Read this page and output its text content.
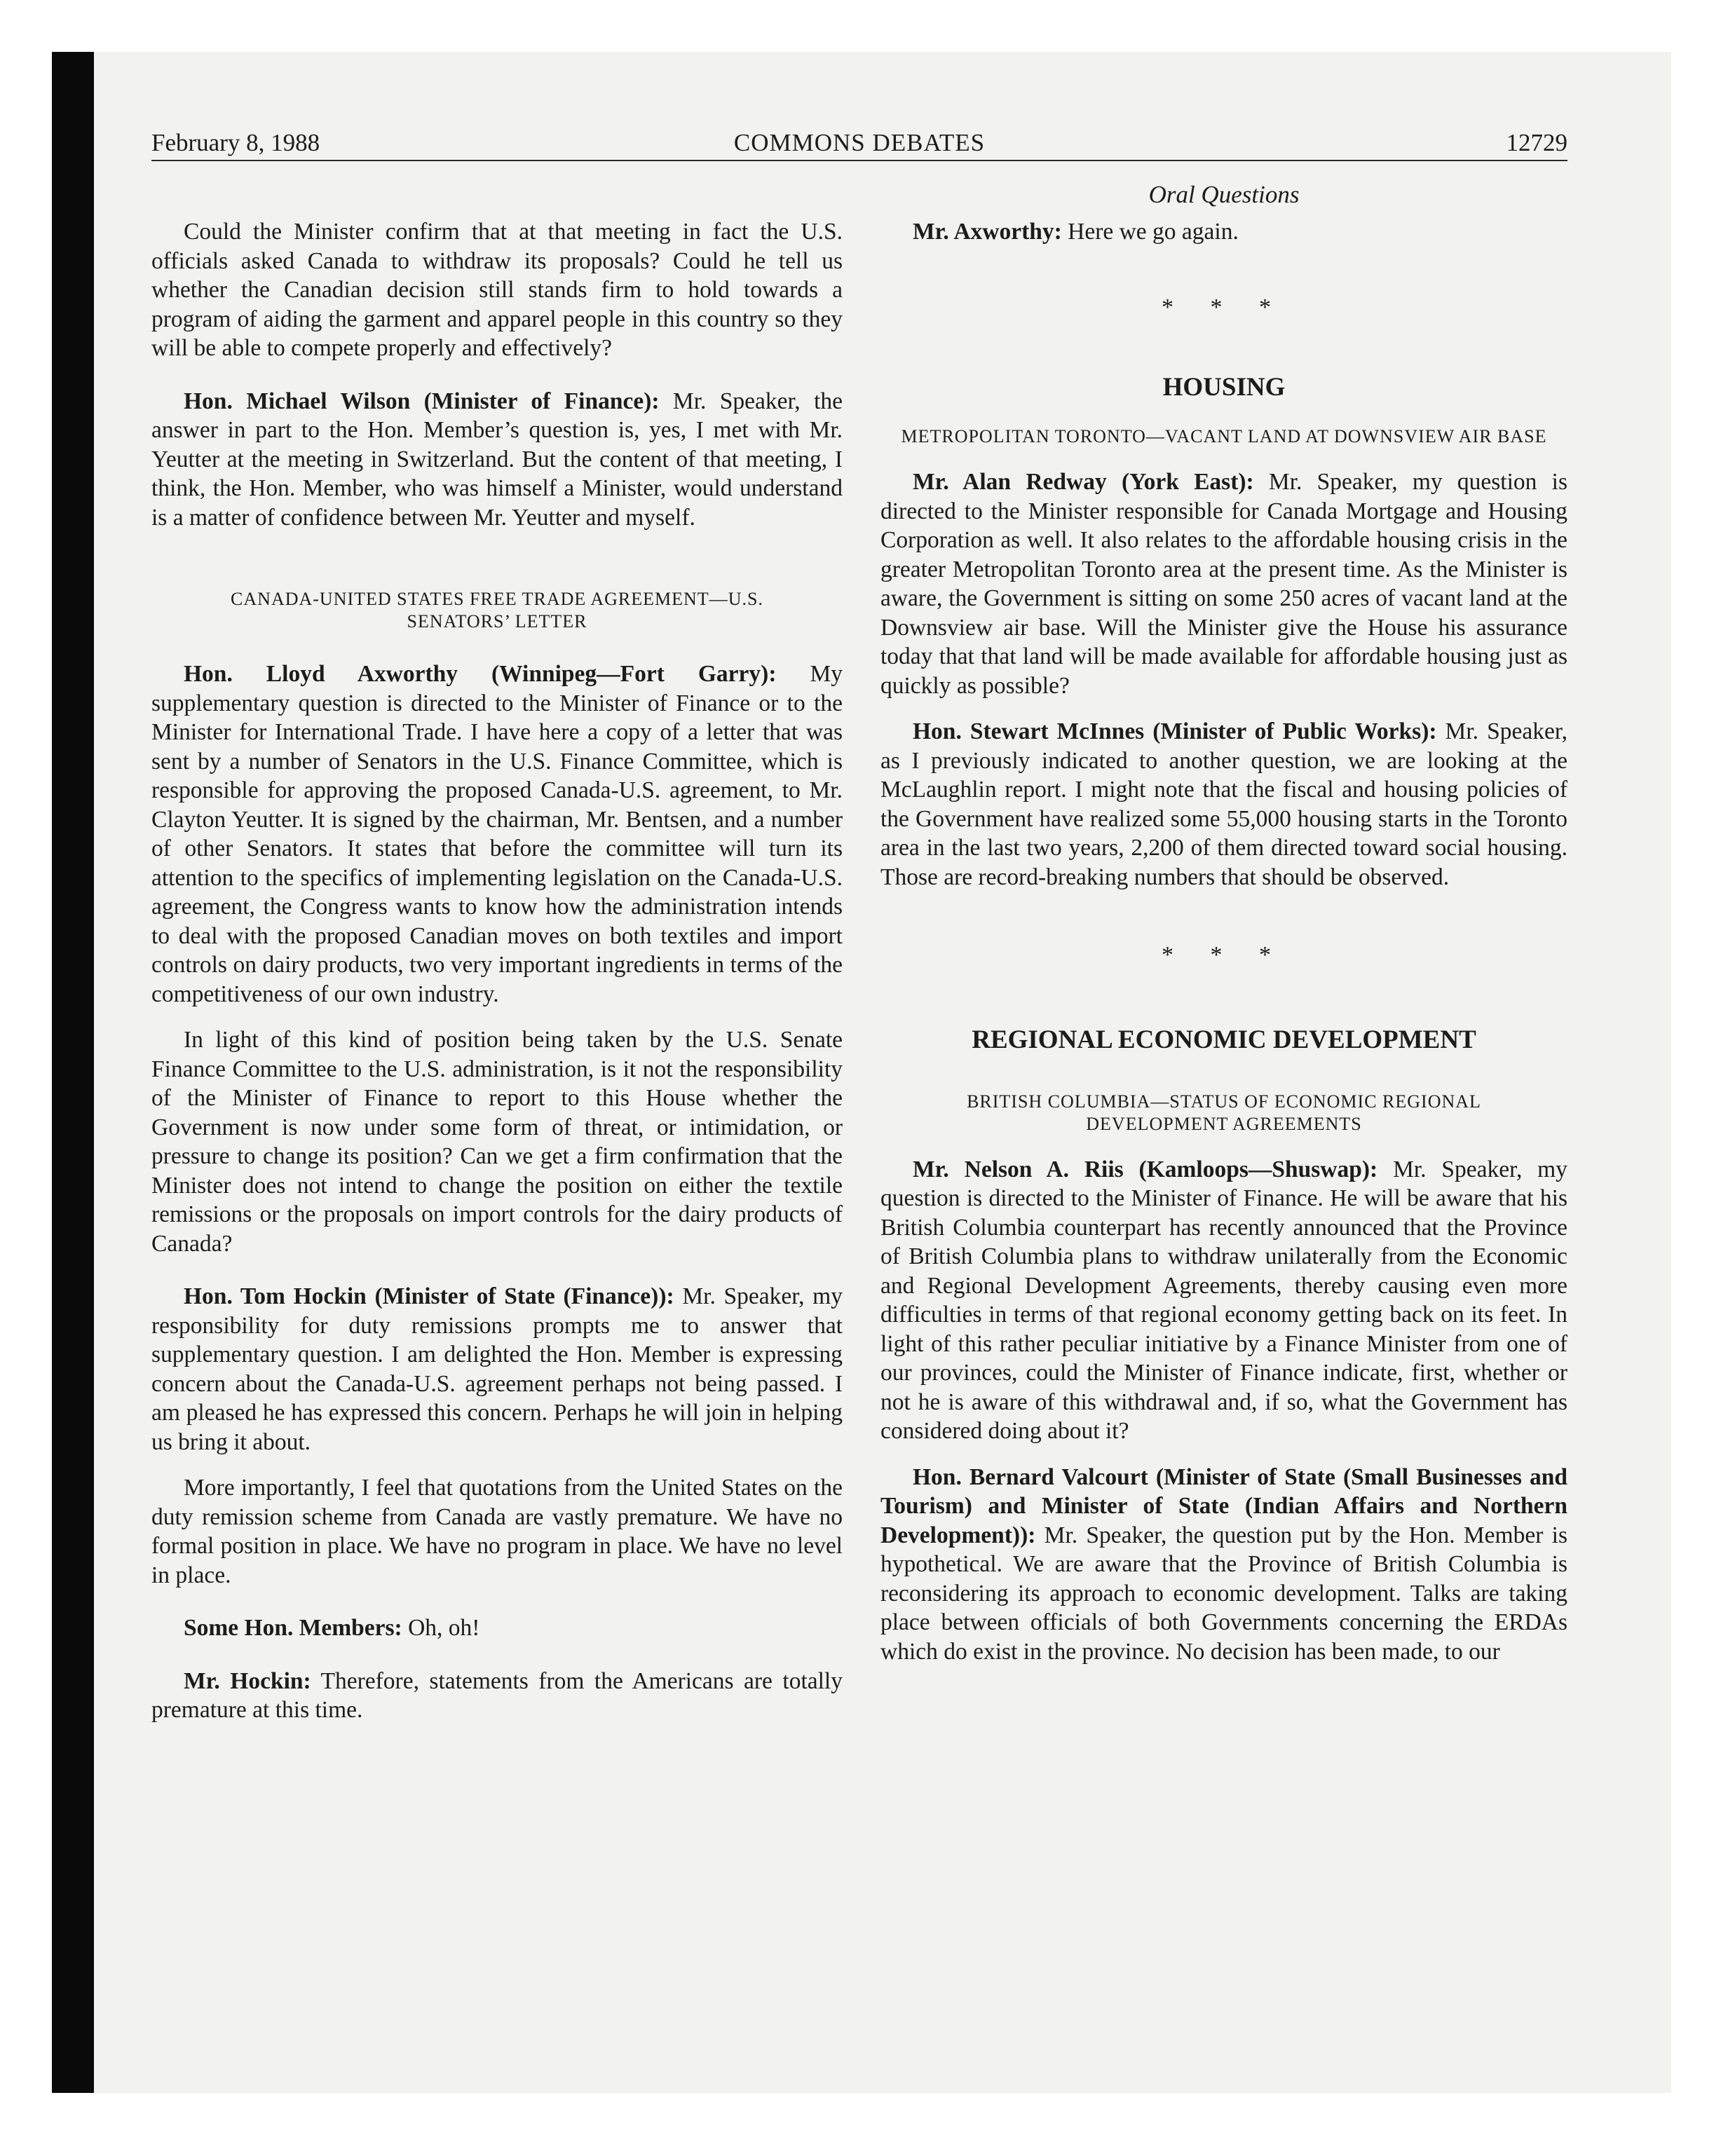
February 8, 1988	COMMONS DEBATES	12729
Oral Questions

Could the Minister confirm that at that meeting in fact the U.S. officials asked Canada to withdraw its proposals? Could he tell us whether the Canadian decision still stands firm to hold towards a program of aiding the garment and apparel people in this country so they will be able to compete properly and effectively?

Hon. Michael Wilson (Minister of Finance): Mr. Speaker, the answer in part to the Hon. Member’s question is, yes, I met with Mr. Yeutter at the meeting in Switzerland. But the content of that meeting, I think, the Hon. Member, who was himself a Minister, would understand is a matter of confidence between Mr. Yeutter and myself.

CANADA-UNITED STATES FREE TRADE AGREEMENT—U.S. SENATORS’ LETTER

Hon. Lloyd Axworthy (Winnipeg—Fort Garry): My supplementary question is directed to the Minister of Finance or to the Minister for International Trade. I have here a copy of a letter that was sent by a number of Senators in the U.S. Finance Committee, which is responsible for approving the proposed Canada-U.S. agreement, to Mr. Clayton Yeutter. It is signed by the chairman, Mr. Bentsen, and a number of other Senators. It states that before the committee will turn its attention to the specifics of implementing legislation on the Canada-U.S. agreement, the Congress wants to know how the administration intends to deal with the proposed Canadian moves on both textiles and import controls on dairy products, two very important ingredients in terms of the competitiveness of our own industry.

In light of this kind of position being taken by the U.S. Senate Finance Committee to the U.S. administration, is it not the responsibility of the Minister of Finance to report to this House whether the Government is now under some form of threat, or intimidation, or pressure to change its position? Can we get a firm confirmation that the Minister does not intend to change the position on either the textile remissions or the proposals on import controls for the dairy products of Canada?

Hon. Tom Hockin (Minister of State (Finance)): Mr. Speaker, my responsibility for duty remissions prompts me to answer that supplementary question. I am delighted the Hon. Member is expressing concern about the Canada-U.S. agreement perhaps not being passed. I am pleased he has expressed this concern. Perhaps he will join in helping us bring it about.

More importantly, I feel that quotations from the United States on the duty remission scheme from Canada are vastly premature. We have no formal position in place. We have no program in place. We have no level in place.

Some Hon. Members: Oh, oh!

Mr. Hockin: Therefore, statements from the Americans are totally premature at this time.

Mr. Axworthy: Here we go again.

* * *
HOUSING
METROPOLITAN TORONTO—VACANT LAND AT DOWNSVIEW AIR BASE

Mr. Alan Redway (York East): Mr. Speaker, my question is directed to the Minister responsible for Canada Mortgage and Housing Corporation as well. It also relates to the affordable housing crisis in the greater Metropolitan Toronto area at the present time. As the Minister is aware, the Government is sitting on some 250 acres of vacant land at the Downsview air base. Will the Minister give the House his assurance today that that land will be made available for affordable housing just as quickly as possible?

Hon. Stewart McInnes (Minister of Public Works): Mr. Speaker, as I previously indicated to another question, we are looking at the McLaughlin report. I might note that the fiscal and housing policies of the Government have realized some 55,000 housing starts in the Toronto area in the last two years, 2,200 of them directed toward social housing. Those are record-breaking numbers that should be observed.

* * *
REGIONAL ECONOMIC DEVELOPMENT
BRITISH COLUMBIA—STATUS OF ECONOMIC REGIONAL DEVELOPMENT AGREEMENTS

Mr. Nelson A. Riis (Kamloops—Shuswap): Mr. Speaker, my question is directed to the Minister of Finance. He will be aware that his British Columbia counterpart has recently announced that the Province of British Columbia plans to withdraw unilaterally from the Economic and Regional Development Agreements, thereby causing even more difficulties in terms of that regional economy getting back on its feet. In light of this rather peculiar initiative by a Finance Minister from one of our provinces, could the Minister of Finance indicate, first, whether or not he is aware of this withdrawal and, if so, what the Government has considered doing about it?

Hon. Bernard Valcourt (Minister of State (Small Businesses and Tourism) and Minister of State (Indian Affairs and Northern Development)): Mr. Speaker, the question put by the Hon. Member is hypothetical. We are aware that the Province of British Columbia is reconsidering its approach to economic development. Talks are taking place between officials of both Governments concerning the ERDAs which do exist in the province. No decision has been made, to our
